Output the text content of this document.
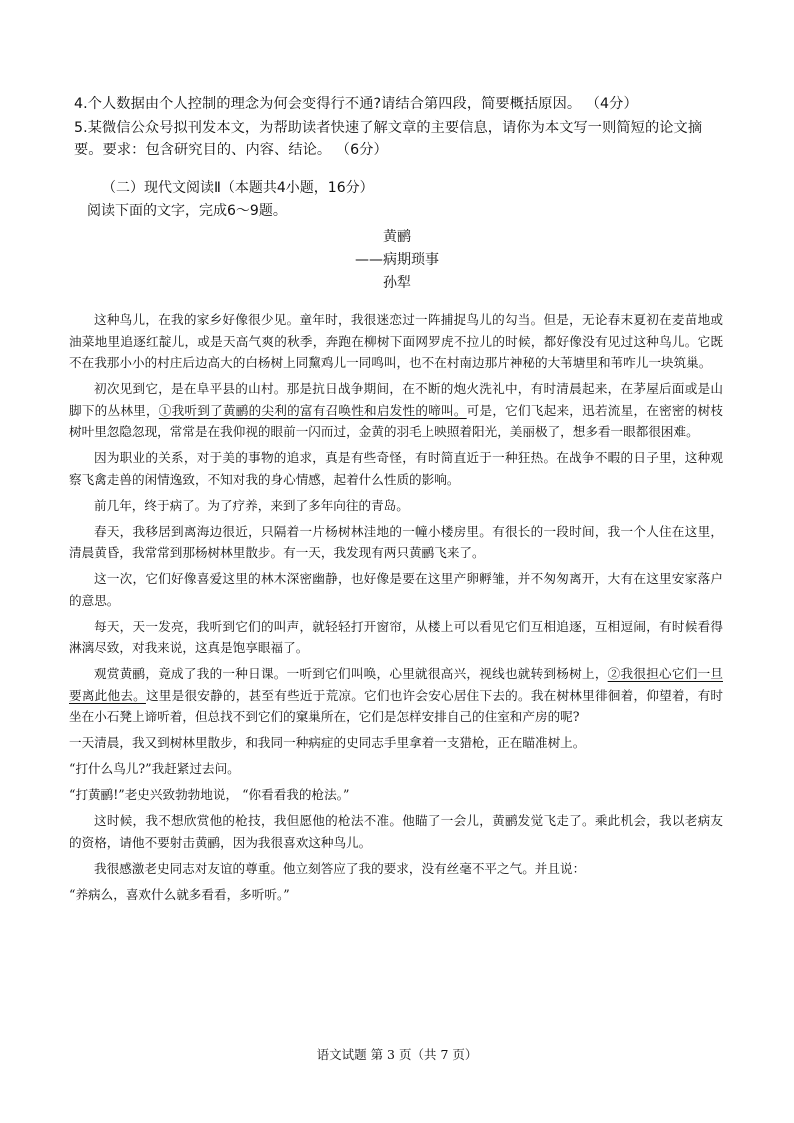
4.个人数据由个人控制的理念为何会变得行不通?请结合第四段，简要概括原因。 （4分）
5.某微信公众号拟刊发本文，为帮助读者快速了解文章的主要信息，请你为本文写一则简短的论文摘
要。要求：包含研究目的、内容、结论。 （6分）
（二）现代文阅读Ⅱ（本题共4小题，16分）
阅读下面的文字，完成6～9题。
黄鹂
——病期琐事
孙犁

这种鸟儿，在我的家乡好像很少见。童年时，我很迷恋过一阵捕捉鸟儿的勾当。但是，无论春末夏初在麦苗地或油菜地里追逐红靛儿，或是天高气爽的秋季，奔跑在柳树下面网罗虎不拉儿的时候，都好像没有见过这种鸟儿。它既不在我那小小的村庄后边高大的白杨树上同黧鸡儿一同鸣叫，也不在村南边那片神秘的大苇塘里和苇咋儿一块筑巢。

初次见到它，是在阜平县的山村。那是抗日战争期间，在不断的炮火洗礼中，有时清晨起来，在茅屋后面或是山脚下的丛林里，①我听到了黄鹂的尖利的富有召唤性和启发性的啼叫。可是，它们飞起来，迅若流星，在密密的树枝树叶里忽隐忽现，常常是在我仰视的眼前一闪而过，金黄的羽毛上映照着阳光，美丽极了，想多看一眼都很困难。

因为职业的关系，对于美的事物的追求，真是有些奇怪，有时简直近于一种狂热。在战争不暇的日子里，这种观察飞禽走兽的闲情逸致，不知对我的身心情感，起着什么性质的影响。

前几年，终于病了。为了疗养，来到了多年向往的青岛。

春天，我移居到离海边很近，只隔着一片杨树林洼地的一幢小楼房里。有很长的一段时间，我一个人住在这里，清晨黄昏，我常常到那杨树林里散步。有一天，我发现有两只黄鹂飞来了。

这一次，它们好像喜爱这里的林木深密幽静，也好像是要在这里产卵孵雏，并不匆匆离开，大有在这里安家落户的意思。

每天，天一发亮，我听到它们的叫声，就轻轻打开窗帘，从楼上可以看见它们互相追逐，互相逗闹，有时候看得淋漓尽致，对我来说，这真是饱享眼福了。

观赏黄鹂，竟成了我的一种日课。一听到它们叫唤，心里就很高兴，视线也就转到杨树上，②我很担心它们一旦要离此他去。这里是很安静的，甚至有些近于荒凉。它们也许会安心居住下去的。我在树林里徘徊着，仰望着，有时坐在小石凳上谛听着，但总找不到它们的窠巢所在，它们是怎样安排自己的住室和产房的呢?

一天清晨，我又到树林里散步，和我同一种病症的史同志手里拿着一支猎枪，正在瞄准树上。

“打什么鸟儿?”我赶紧过去问。

“打黄鹂!”老史兴致勃勃地说， “你看看我的枪法。”

这时候，我不想欣赏他的枪技，我但愿他的枪法不准。他瞄了一会儿，黄鹂发觉飞走了。乘此机会，我以老病友的资格，请他不要射击黄鹂，因为我很喜欢这种鸟儿。

我很感激老史同志对友谊的尊重。他立刻答应了我的要求，没有丝毫不平之气。并且说：

“养病么，喜欢什么就多看看，多听听。”

语文试题 第 3 页（共 7 页）
